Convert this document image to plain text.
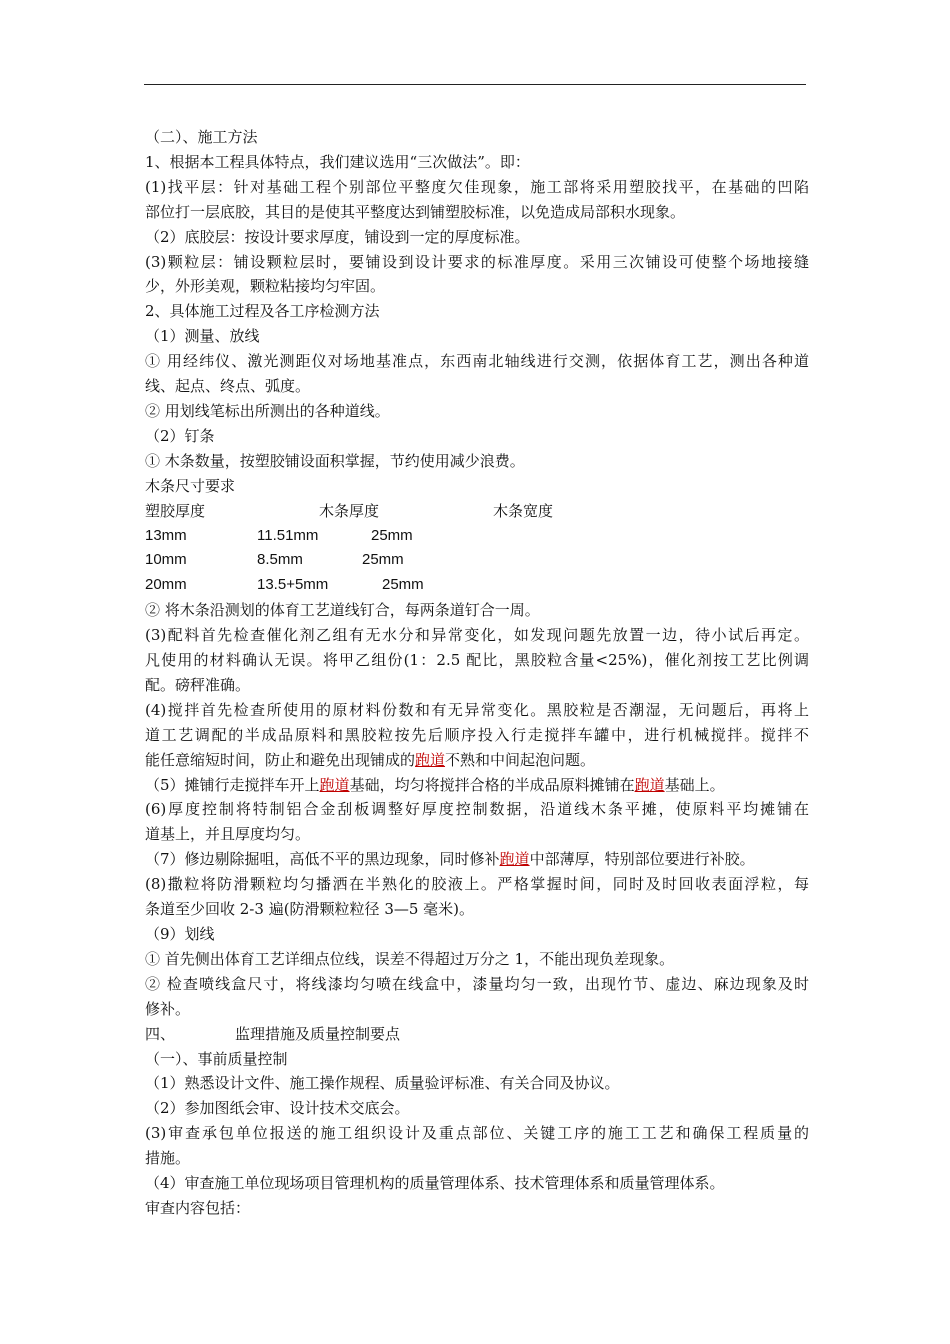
（二）、施工方法
1、根据本工程具体特点，我们建议选用“三次做法”。即：
(1)找平层：针对基础工程个别部位平整度欠佳现象，施工部将采用塑胶找平，在基础的凹陷
部位打一层底胶，其目的是使其平整度达到铺塑胶标准，以免造成局部积水现象。
（2）底胶层：按设计要求厚度，铺设到一定的厚度标准。
(3)颗粒层：铺设颗粒层时，要铺设到设计要求的标准厚度。采用三次铺设可使整个场地接缝
少，外形美观，颗粒粘接均匀牢固。
2、具体施工过程及各工序检测方法
（1）测量、放线
① 用经纬仪、激光测距仪对场地基准点，东西南北轴线进行交测，依据体育工艺，测出各种道
线、起点、终点、弧度。
② 用划线笔标出所测出的各种道线。
（2）钉条
① 木条数量，按塑胶铺设面积掌握，节约使用减少浪费。
木条尺寸要求
塑胶厚度	木条厚度	木条宽度
13mm	11.51mm	25mm
10mm	8.5mm	25mm
20mm	13.5+5mm	25mm
② 将木条沿测划的体育工艺道线钉合，每两条道钉合一周。
(3)配料首先检查催化剂乙组有无水分和异常变化，如发现问题先放置一边，待小试后再定。
凡使用的材料确认无误。将甲乙组份(1：2.5 配比，黑胶粒含量<25%)，催化剂按工艺比例调
配。磅秤准确。
(4)搅拌首先检查所使用的原材料份数和有无异常变化。黑胶粒是否潮湿，无问题后，再将上
道工艺调配的半成品原料和黑胶粒按先后顺序投入行走搅拌车罐中，进行机械搅拌。搅拌不
能任意缩短时间，防止和避免出现铺成的跑道不熟和中间起泡问题。
（5）摊铺行走搅拌车开上跑道基础，均匀将搅拌合格的半成品原料摊铺在跑道基础上。
(6)厚度控制将特制铝合金刮板调整好厚度控制数据，沿道线木条平摊，使原料平均摊铺在
道基上，并且厚度均匀。
（7）修边剔除掘咀，高低不平的黑边现象，同时修补跑道中部薄厚，特别部位要进行补胶。
(8)撒粒将防滑颗粒均匀播洒在半熟化的胶液上。严格掌握时间，同时及时回收表面浮粒，每
条道至少回收 2-3 遍(防滑颗粒粒径 3—5 毫米)。
（9）划线
① 首先侧出体育工艺详细点位线，误差不得超过万分之 1，不能出现负差现象。
② 检查喷线盒尺寸，将线漆均匀喷在线盒中，漆量均匀一致，出现竹节、虚边、麻边现象及时
修补。
四、	监理措施及质量控制要点
（一）、事前质量控制
（1）熟悉设计文件、施工操作规程、质量验评标准、有关合同及协议。
（2）参加图纸会审、设计技术交底会。
(3)审查承包单位报送的施工组织设计及重点部位、关键工序的施工工艺和确保工程质量的
措施。
（4）审查施工单位现场项目管理机构的质量管理体系、技术管理体系和质量管理体系。
审查内容包括：
